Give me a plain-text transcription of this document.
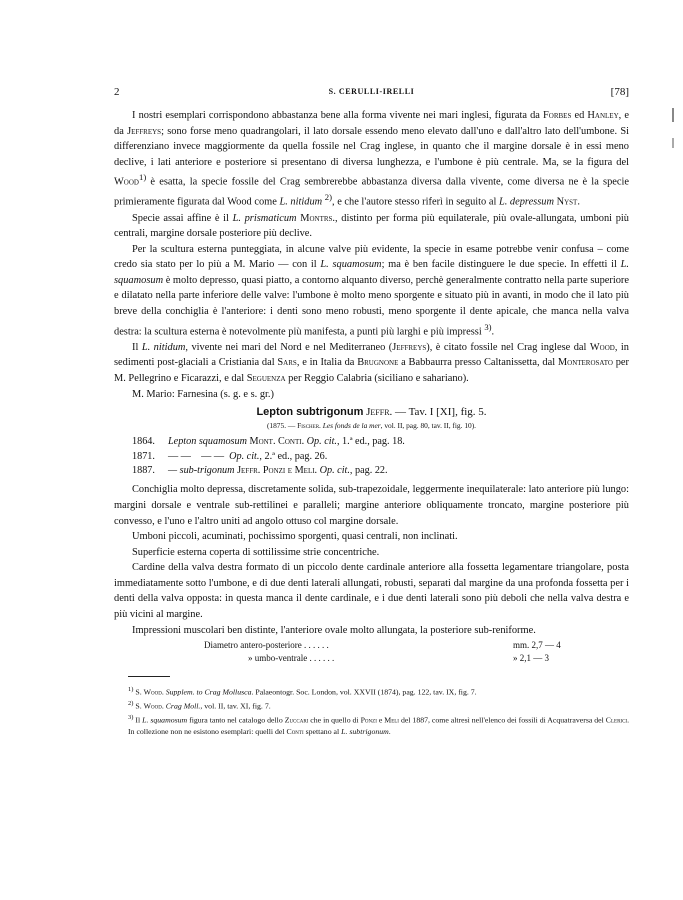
2	S. CERULLI-IRELLI	[78]

I nostri esemplari corrispondono abbastanza bene alla forma vivente nei mari inglesi, figurata da Forbes ed Hanley, e da Jeffreys; sono forse meno quadrangolari, il lato dorsale essendo meno elevato dall'uno e dall'altro lato dell'umbone. Si differenziano invece maggiormente da quella fossile nel Crag inglese, in quanto che il margine dorsale è in essi meno declive, i lati anteriore e posteriore si presentano di diversa lunghezza, e l'umbone è più centrale. Ma, se la figura del Wood$^{1)}$ è esatta, la specie fossile del Crag sembrerebbe abbastanza diversa dalla vivente, come diversa ne è la specie primieramente figurata dal Wood come L. nitidum $^{2)}$, e che l'autore stesso riferì in seguito al L. depressum Nyst.

Specie assai affine è il L. prismaticum Montrs., distinto per forma più equilaterale, più ovale-allungata, umboni più centrali, margine dorsale posteriore più declive.

Per la scultura esterna punteggiata, in alcune valve più evidente, la specie in esame potrebbe venir confusa – come credo sia stato per lo più a M. Mario — con il L. squamosum; ma è ben facile distinguere le due specie. In effetti il L. squamosum è molto depresso, quasi piatto, a contorno alquanto diverso, perchè generalmente contratto nella parte superiore e dilatato nella parte inferiore delle valve: l'umbone è molto meno sporgente e situato più in avanti, in modo che il lato più breve della conchiglia è l'anteriore: i denti sono meno robusti, meno sporgente il dente apicale, che manca nella valva destra: la scultura esterna è notevolmente più manifesta, a punti più larghi e più impressi $^{3)}$.

Il L. nitidum, vivente nei mari del Nord e nel Mediterraneo (Jeffreys), è citato fossile nel Crag inglese dal Wood, in sedimenti post-glaciali a Cristiania dal Sars, e in Italia da Brugnone a Babbaurra presso Caltanissetta, dal Monterosato per M. Pellegrino e Ficarazzi, e dal Seguenza per Reggio Calabria (siciliano e sahariano).

M. Mario: Farnesina (s. g. e s. gr.)

Lepton subtrigonum Jeffr. — Tav. I [XI], fig. 5.
(1875. — Fischer. Les fonds de la mer, vol. II, pag. 80, tav. II, fig. 10).
1864. Lepton squamosum Mont. Conti. Op. cit., 1.ª ed., pag. 18.
1871. — — — — Op. cit., 2.ª ed., pag. 26.
1887. — sub-trigonum Jeffr. Ponzi e Meli. Op. cit., pag. 22.

Conchiglia molto depressa, discretamente solida, sub-trapezoidale, leggermente inequilaterale: lato anteriore più lungo: margini dorsale e ventrale sub-rettilinei e paralleli; margine anteriore obliquamente troncato, margine posteriore più convesso, e l'uno e l'altro uniti ad angolo ottuso col margine dorsale.

Umboni piccoli, acuminati, pochissimo sporgenti, quasi centrali, non inclinati.

Superficie esterna coperta di sottilissime strie concentriche.

Cardine della valva destra formato di un piccolo dente cardinale anteriore alla fossetta legamentare triangolare, posta immediatamente sotto l'umbone, e di due denti laterali allungati, robusti, separati dal margine da una profonda fossetta per i denti della valva opposta: in questa manca il dente cardinale, e i due denti laterali sono più deboli che nella valva destra e più vicini al margine.

Impressioni muscolari ben distinte, l'anteriore ovale molto allungata, la posteriore sub-reniforme.

Diametro antero-posteriore . . . . . .	mm. 2,7 — 4
» umbo-ventrale . . . . . .	» 2,1 — 3

$^{1)}$ S. Wood. Supplem. to Crag Mollusca. Palaeontogr. Soc. London, vol. XXVII (1874), pag. 122, tav. IX, fig. 7.

$^{2)}$ S. Wood. Crag Moll., vol. II, tav. XI, fig. 7.

$^{3)}$ Il L. squamosum figura tanto nel catalogo dello Zuccari che in quello di Ponzi e Meli del 1887, come altresì nell'elenco dei fossili di Acquatraversa del Clerici. In collezione non ne esistono esemplari: quelli del Conti spettano al L. subtrigonum.
